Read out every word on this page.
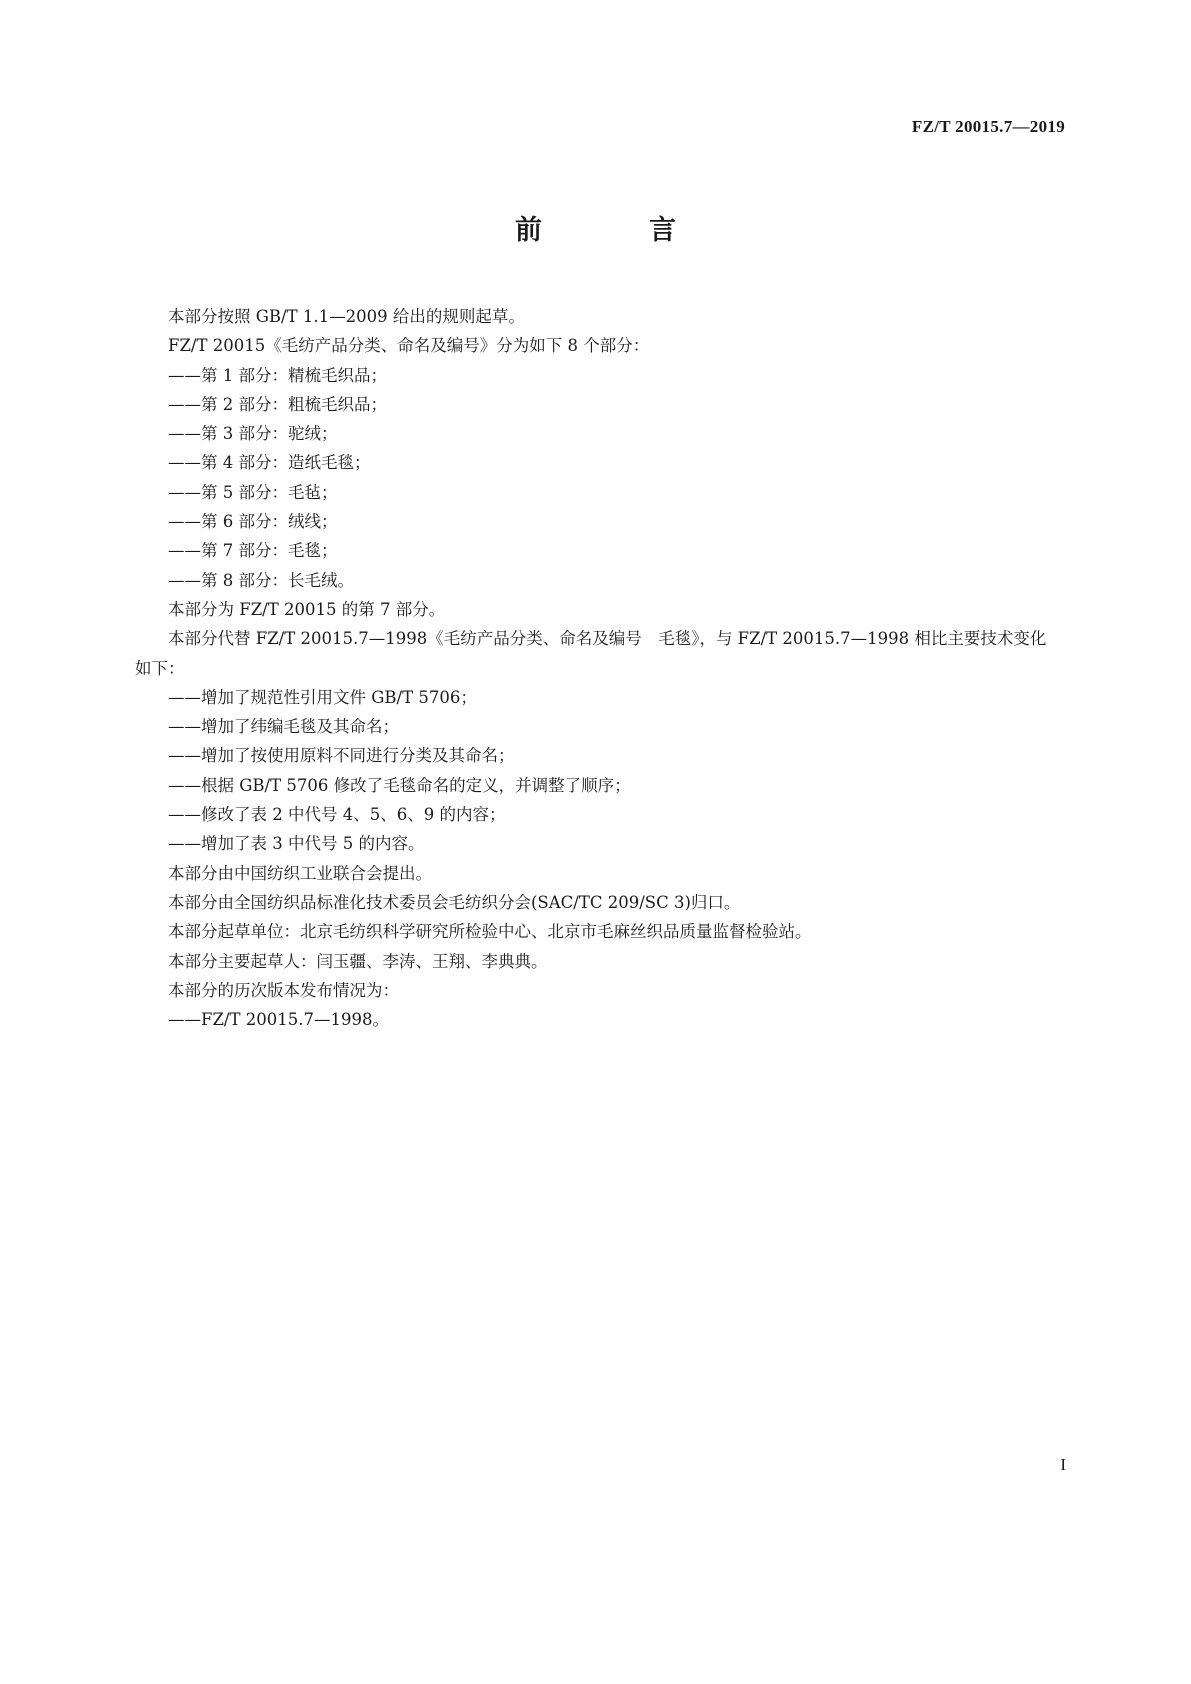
FZ/T 20015.7—2019
前　言

本部分按照 GB/T 1.1—2009 给出的规则起草。

FZ/T 20015《毛纺产品分类、命名及编号》分为如下 8 个部分：

——第 1 部分：精梳毛织品；

——第 2 部分：粗梳毛织品；

——第 3 部分：驼绒；

——第 4 部分：造纸毛毯；

——第 5 部分：毛毡；

——第 6 部分：绒线；

——第 7 部分：毛毯；

——第 8 部分：长毛绒。

本部分为 FZ/T 20015 的第 7 部分。

本部分代替 FZ/T 20015.7—1998《毛纺产品分类、命名及编号　毛毯》，与 FZ/T 20015.7—1998 相比主要技术变化如下：

——增加了规范性引用文件 GB/T 5706；

——增加了纬编毛毯及其命名；

——增加了按使用原料不同进行分类及其命名；

——根据 GB/T 5706 修改了毛毯命名的定义，并调整了顺序；

——修改了表 2 中代号 4、5、6、9 的内容；

——增加了表 3 中代号 5 的内容。

本部分由中国纺织工业联合会提出。

本部分由全国纺织品标准化技术委员会毛纺织分会(SAC/TC 209/SC 3)归口。

本部分起草单位：北京毛纺织科学研究所检验中心、北京市毛麻丝织品质量监督检验站。

本部分主要起草人：闫玉疆、李涛、王翔、李典典。

本部分的历次版本发布情况为：

——FZ/T 20015.7—1998。

I
